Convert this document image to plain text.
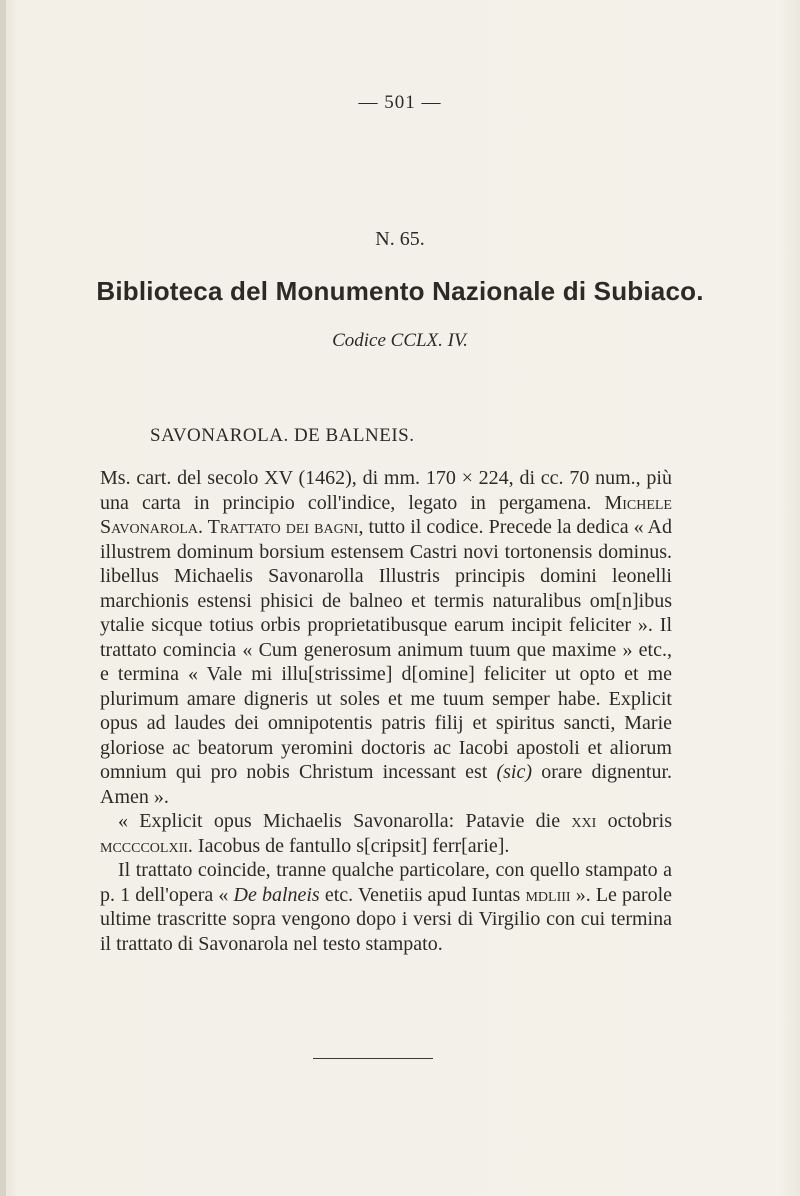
— 501 —
N. 65.
Biblioteca del Monumento Nazionale di Subiaco.
Codice CCLX. IV.
SAVONAROLA. DE BALNEIS.

Ms. cart. del secolo XV (1462), di mm. 170 × 224, di cc. 70 num., più una carta in principio coll'indice, legato in pergamena. Michele Savonarola. Trattato dei bagni, tutto il codice. Precede la dedica « Ad illustrem dominum borsium estensem Castri novi tortonensis dominus. libellus Michaelis Savonarolla Illustris principis domini leonelli marchionis estensi phisici de balneo et termis naturalibus om[n]ibus ytalie sicque totius orbis proprietatibusque earum incipit feliciter ». Il trattato comincia « Cum generosum animum tuum que maxime » etc., e termina « Vale mi illu[strissime] d[omine] feliciter ut opto et me plurimum amare digneris ut soles et me tuum semper habe. Explicit opus ad laudes dei omnipotentis patris filij et spiritus sancti, Marie gloriose ac beatorum yeromini doctoris ac Iacobi apostoli et aliorum omnium qui pro nobis Christum incessant est (sic) orare dignentur. Amen ».

« Explicit opus Michaelis Savonarolla: Patavie die xxi octobris mccccolxii. Iacobus de fantullo s[cripsit] ferr[arie].

Il trattato coincide, tranne qualche particolare, con quello stampato a p. 1 dell'opera « De balneis etc. Venetiis apud Iuntas mdliii ». Le parole ultime trascritte sopra vengono dopo i versi di Virgilio con cui termina il trattato di Savonarola nel testo stampato.
